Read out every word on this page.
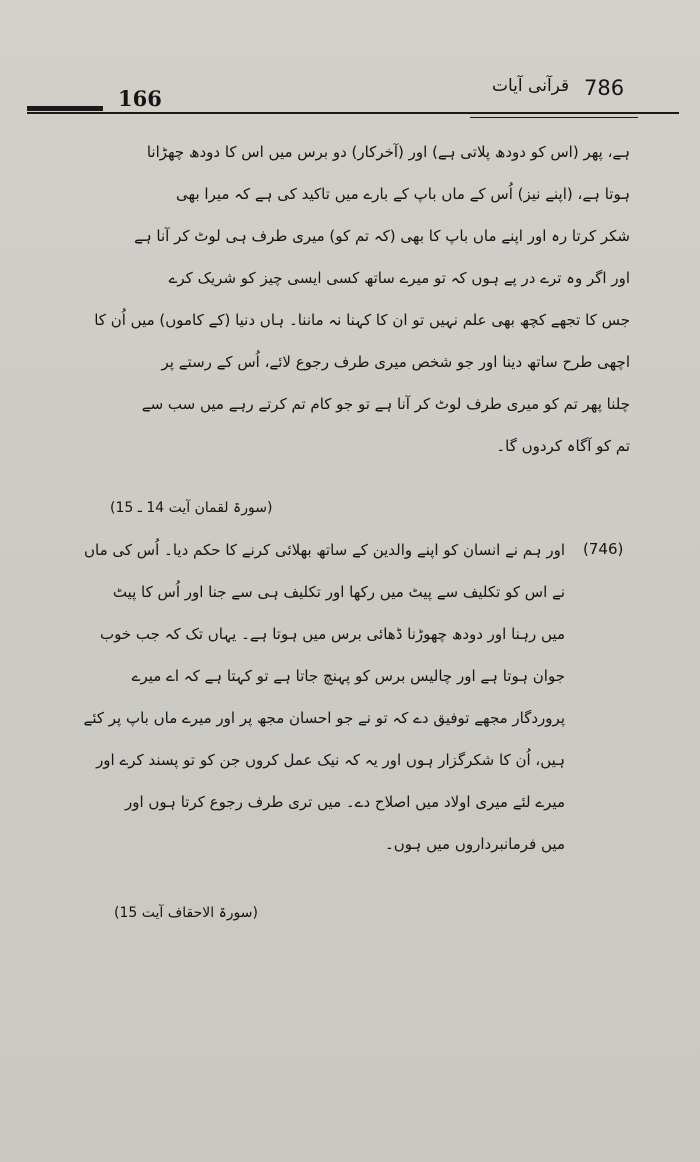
166	قرآنی آیات 786
ہے، پھر (اس کو دودھ پلاتی ہے) اور (آخرکار) دو برس میں اس کا دودھ چھڑانا
ہوتا ہے، (اپنے نیز) اُس کے ماں باپ کے بارے میں تاکید کی ہے کہ میرا بھی
شکر کرتا رہ اور اپنے ماں باپ کا بھی (کہ تم کو) میری طرف ہی لوٹ کر آنا ہے
اور اگر وہ ترے در پے ہوں کہ تو میرے ساتھ کسی ایسی چیز کو شریک کرے
جس کا تجھے کچھ بھی علم نہیں تو ان کا کہنا نہ ماننا۔ ہاں دنیا (کے کاموں) میں اُن کا
اچھی طرح ساتھ دینا اور جو شخص میری طرف رجوع لائے، اُس کے رستے پر
چلنا پھر تم کو میری طرف لوٹ کر آنا ہے تو جو کام تم کرتے رہے میں سب سے
تم کو آگاہ کردوں گا۔
(سورۃ لقمان آیت 14 ـ 15)
(746)
اور ہم نے انسان کو اپنے والدین کے ساتھ بھلائی کرنے کا حکم دیا۔ اُس کی ماں
نے اس کو تکلیف سے پیٹ میں رکھا اور تکلیف ہی سے جنا اور اُس کا پیٹ
میں رہنا اور دودھ چھوڑنا ڈھائی برس میں ہوتا ہے۔ یہاں تک کہ جب خوب
جوان ہوتا ہے اور چالیس برس کو پہنچ جاتا ہے تو کہتا ہے کہ اے میرے
پروردگار مجھے توفیق دے کہ تو نے جو احسان مجھ پر اور میرے ماں باپ پر کئے
ہیں، اُن کا شکرگزار ہوں اور یہ کہ نیک عمل کروں جن کو تو پسند کرے اور
میرے لئے میری اولاد میں اصلاح دے۔ میں تری طرف رجوع کرتا ہوں اور
میں فرمانبرداروں میں ہوں۔
(سورۃ الاحقاف آیت 15)
